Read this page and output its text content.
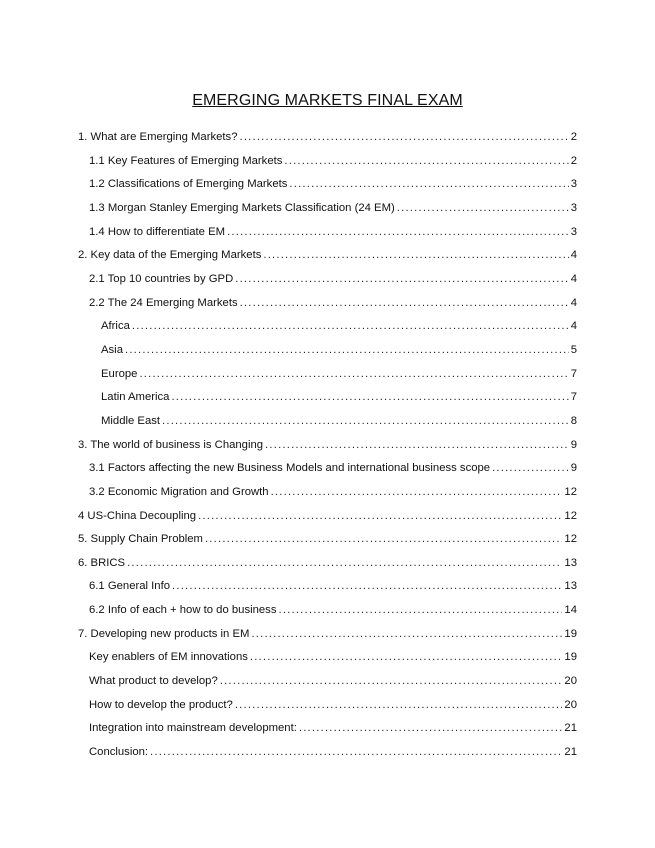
EMERGING MARKETS FINAL EXAM
1. What are Emerging Markets? .....	2
1.1 Key Features of Emerging Markets .....	2
1.2 Classifications of Emerging Markets .....	3
1.3 Morgan Stanley Emerging Markets Classification (24 EM) .....	3
1.4 How to differentiate EM .....	3
2. Key data of the Emerging Markets .....	4
2.1 Top 10 countries by GPD .....	4
2.2 The 24 Emerging Markets .....	4
Africa .....	4
Asia .....	5
Europe .....	7
Latin America .....	7
Middle East .....	8
3. The world of business is Changing .....	9
3.1 Factors affecting the new Business Models and international business scope .....	9
3.2 Economic Migration and Growth .....	12
4 US-China Decoupling .....	12
5. Supply Chain Problem .....	12
6. BRICS .....	13
6.1 General Info .....	13
6.2 Info of each + how to do business .....	14
7. Developing new products in EM .....	19
Key enablers of EM innovations .....	19
What product to develop? .....	20
How to develop the product? .....	20
Integration into mainstream development: .....	21
Conclusion: .....	21
